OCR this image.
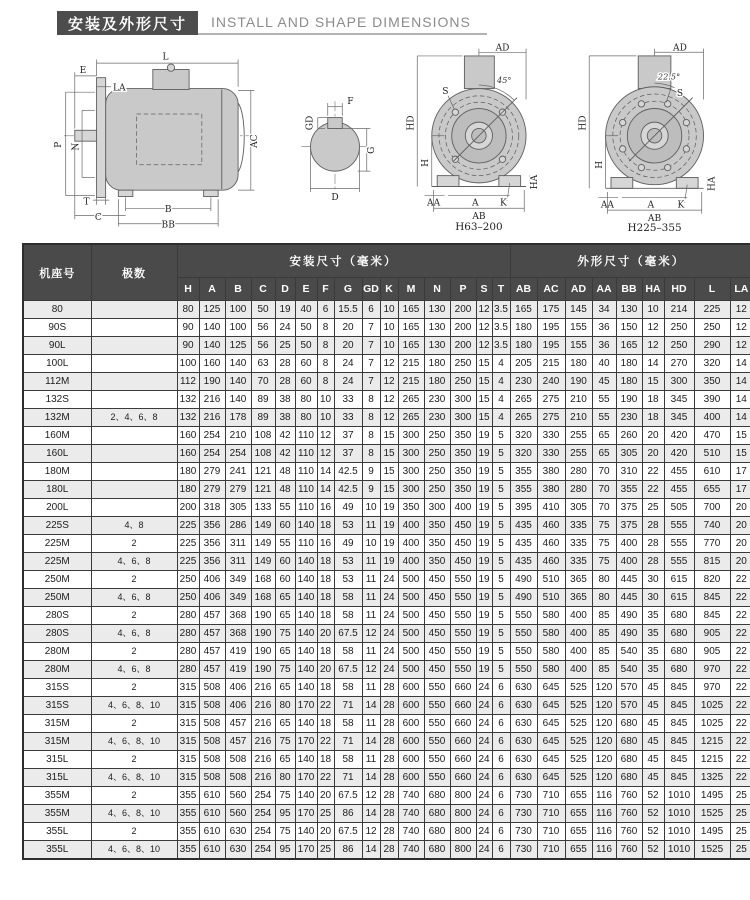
安装及外形尺寸	INSTALL AND SHAPE DIMENSIONS
L
E
LA
P N	AC
T
B
C
BB
F
GD
G
D
45°
S
AD
HD
H
AA	A K
HA
AB
H63–200
22.5°
S
AD
HD
H
AA	A K
HA
AB
H225–355
机座号	极数	安装尺寸（毫米）															外形尺寸（毫米）								
		H	A	B	C	D	E	F	G	GD	K	M	N	P	S	T	AB	AC	AD	AA	BB	HA	HD	L	LA
80		80	125	100	50	19	40	6	15.5	6	10	165	130	200	12	3.5	165	175	145	34	130	10	214	225	12
90S		90	140	100	56	24	50	8	20	7	10	165	130	200	12	3.5	180	195	155	36	150	12	250	250	12
90L		90	140	125	56	25	50	8	20	7	10	165	130	200	12	3.5	180	195	155	36	165	12	250	290	12
100L		100	160	140	63	28	60	8	24	7	12	215	180	250	15	4	205	215	180	40	180	14	270	320	14
112M		112	190	140	70	28	60	8	24	7	12	215	180	250	15	4	230	240	190	45	180	15	300	350	14
132S		132	216	140	89	38	80	10	33	8	12	265	230	300	15	4	265	275	210	55	190	18	345	390	14
132M	2、4、6、8	132	216	178	89	38	80	10	33	8	12	265	230	300	15	4	265	275	210	55	230	18	345	400	14
160M		160	254	210	108	42	110	12	37	8	15	300	250	350	19	5	320	330	255	65	260	20	420	470	15
160L		160	254	254	108	42	110	12	37	8	15	300	250	350	19	5	320	330	255	65	305	20	420	510	15
180M		180	279	241	121	48	110	14	42.5	9	15	300	250	350	19	5	355	380	280	70	310	22	455	610	17
180L		180	279	279	121	48	110	14	42.5	9	15	300	250	350	19	5	355	380	280	70	355	22	455	655	17
200L		200	318	305	133	55	110	16	49	10	19	350	300	400	19	5	395	410	305	70	375	25	505	700	20
225S	4、8	225	356	286	149	60	140	18	53	11	19	400	350	450	19	5	435	460	335	75	375	28	555	740	20
225M	2	225	356	311	149	55	110	16	49	10	19	400	350	450	19	5	435	460	335	75	400	28	555	770	20
225M	4、6、8	225	356	311	149	60	140	18	53	11	19	400	350	450	19	5	435	460	335	75	400	28	555	815	20
250M	2	250	406	349	168	60	140	18	53	11	24	500	450	550	19	5	490	510	365	80	445	30	615	820	22
250M	4、6、8	250	406	349	168	65	140	18	58	11	24	500	450	550	19	5	490	510	365	80	445	30	615	845	22
280S	2	280	457	368	190	65	140	18	58	11	24	500	450	550	19	5	550	580	400	85	490	35	680	845	22
280S	4、6、8	280	457	368	190	75	140	20	67.5	12	24	500	450	550	19	5	550	580	400	85	490	35	680	905	22
280M	2	280	457	419	190	65	140	18	58	11	24	500	450	550	19	5	550	580	400	85	540	35	680	905	22
280M	4、6、8	280	457	419	190	75	140	20	67.5	12	24	500	450	550	19	5	550	580	400	85	540	35	680	970	22
315S	2	315	508	406	216	65	140	18	58	11	28	600	550	660	24	6	630	645	525	120	570	45	845	970	22
315S	4、6、8、10	315	508	406	216	80	170	22	71	14	28	600	550	660	24	6	630	645	525	120	570	45	845	1025	22
315M	2	315	508	457	216	65	140	18	58	11	28	600	550	660	24	6	630	645	525	120	680	45	845	1025	22
315M	4、6、8、10	315	508	457	216	75	170	22	71	14	28	600	550	660	24	6	630	645	525	120	680	45	845	1215	22
315L	2	315	508	508	216	65	140	18	58	11	28	600	550	660	24	6	630	645	525	120	680	45	845	1215	22
315L	4、6、8、10	315	508	508	216	80	170	22	71	14	28	600	550	660	24	6	630	645	525	120	680	45	845	1325	22
355M	2	355	610	560	254	75	140	20	67.5	12	28	740	680	800	24	6	730	710	655	116	760	52	1010	1495	25
355M	4、6、8、10	355	610	560	254	95	170	25	86	14	28	740	680	800	24	6	730	710	655	116	760	52	1010	1525	25
355L	2	355	610	630	254	75	140	20	67.5	12	28	740	680	800	24	6	730	710	655	116	760	52	1010	1495	25
355L	4、6、8、10	355	610	630	254	95	170	25	86	14	28	740	680	800	24	6	730	710	655	116	760	52	1010	1525	25
